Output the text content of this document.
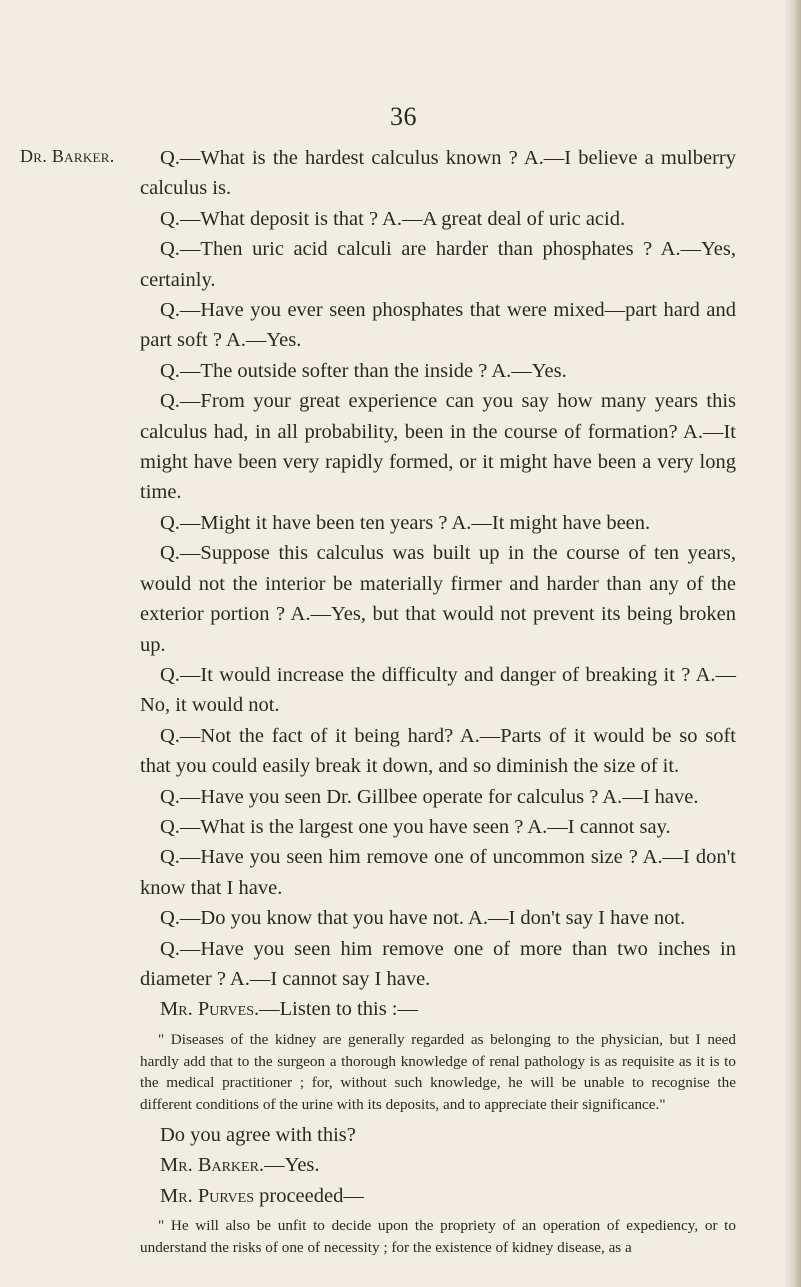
36
Dr. Barker.	Q.—What is the hardest calculus known ? A.—I believe a mulberry calculus is.

Q.—What deposit is that ? A.—A great deal of uric acid.

Q.—Then uric acid calculi are harder than phosphates ? A.—Yes, certainly.

Q.—Have you ever seen phosphates that were mixed—part hard and part soft ? A.—Yes.

Q.—The outside softer than the inside ? A.—Yes.

Q.—From your great experience can you say how many years this calculus had, in all probability, been in the course of formation? A.—It might have been very rapidly formed, or it might have been a very long time.

Q.—Might it have been ten years ? A.—It might have been.

Q.—Suppose this calculus was built up in the course of ten years, would not the interior be materially firmer and harder than any of the exterior portion ? A.—Yes, but that would not prevent its being broken up.

Q.—It would increase the difficulty and danger of breaking it ? A.—No, it would not.

Q.—Not the fact of it being hard? A.—Parts of it would be so soft that you could easily break it down, and so diminish the size of it.

Q.—Have you seen Dr. Gillbee operate for calculus ? A.—I have.

Q.—What is the largest one you have seen ? A.—I cannot say.

Q.—Have you seen him remove one of uncommon size ? A.—I don't know that I have.

Q.—Do you know that you have not. A.—I don't say I have not.

Q.—Have you seen him remove one of more than two inches in diameter ? A.—I cannot say I have.

Mr. Purves.—Listen to this :—

" Diseases of the kidney are generally regarded as belonging to the physician, but I need hardly add that to the surgeon a thorough knowledge of renal pathology is as requisite as it is to the medical practitioner ; for, without such knowledge, he will be unable to recognise the different conditions of the urine with its deposits, and to appreciate their significance."

Do you agree with this?

Mr. Barker.—Yes.

Mr. Purves proceeded—

" He will also be unfit to decide upon the propriety of an operation of expediency, or to understand the risks of one of necessity ; for the existence of kidney disease, as a
